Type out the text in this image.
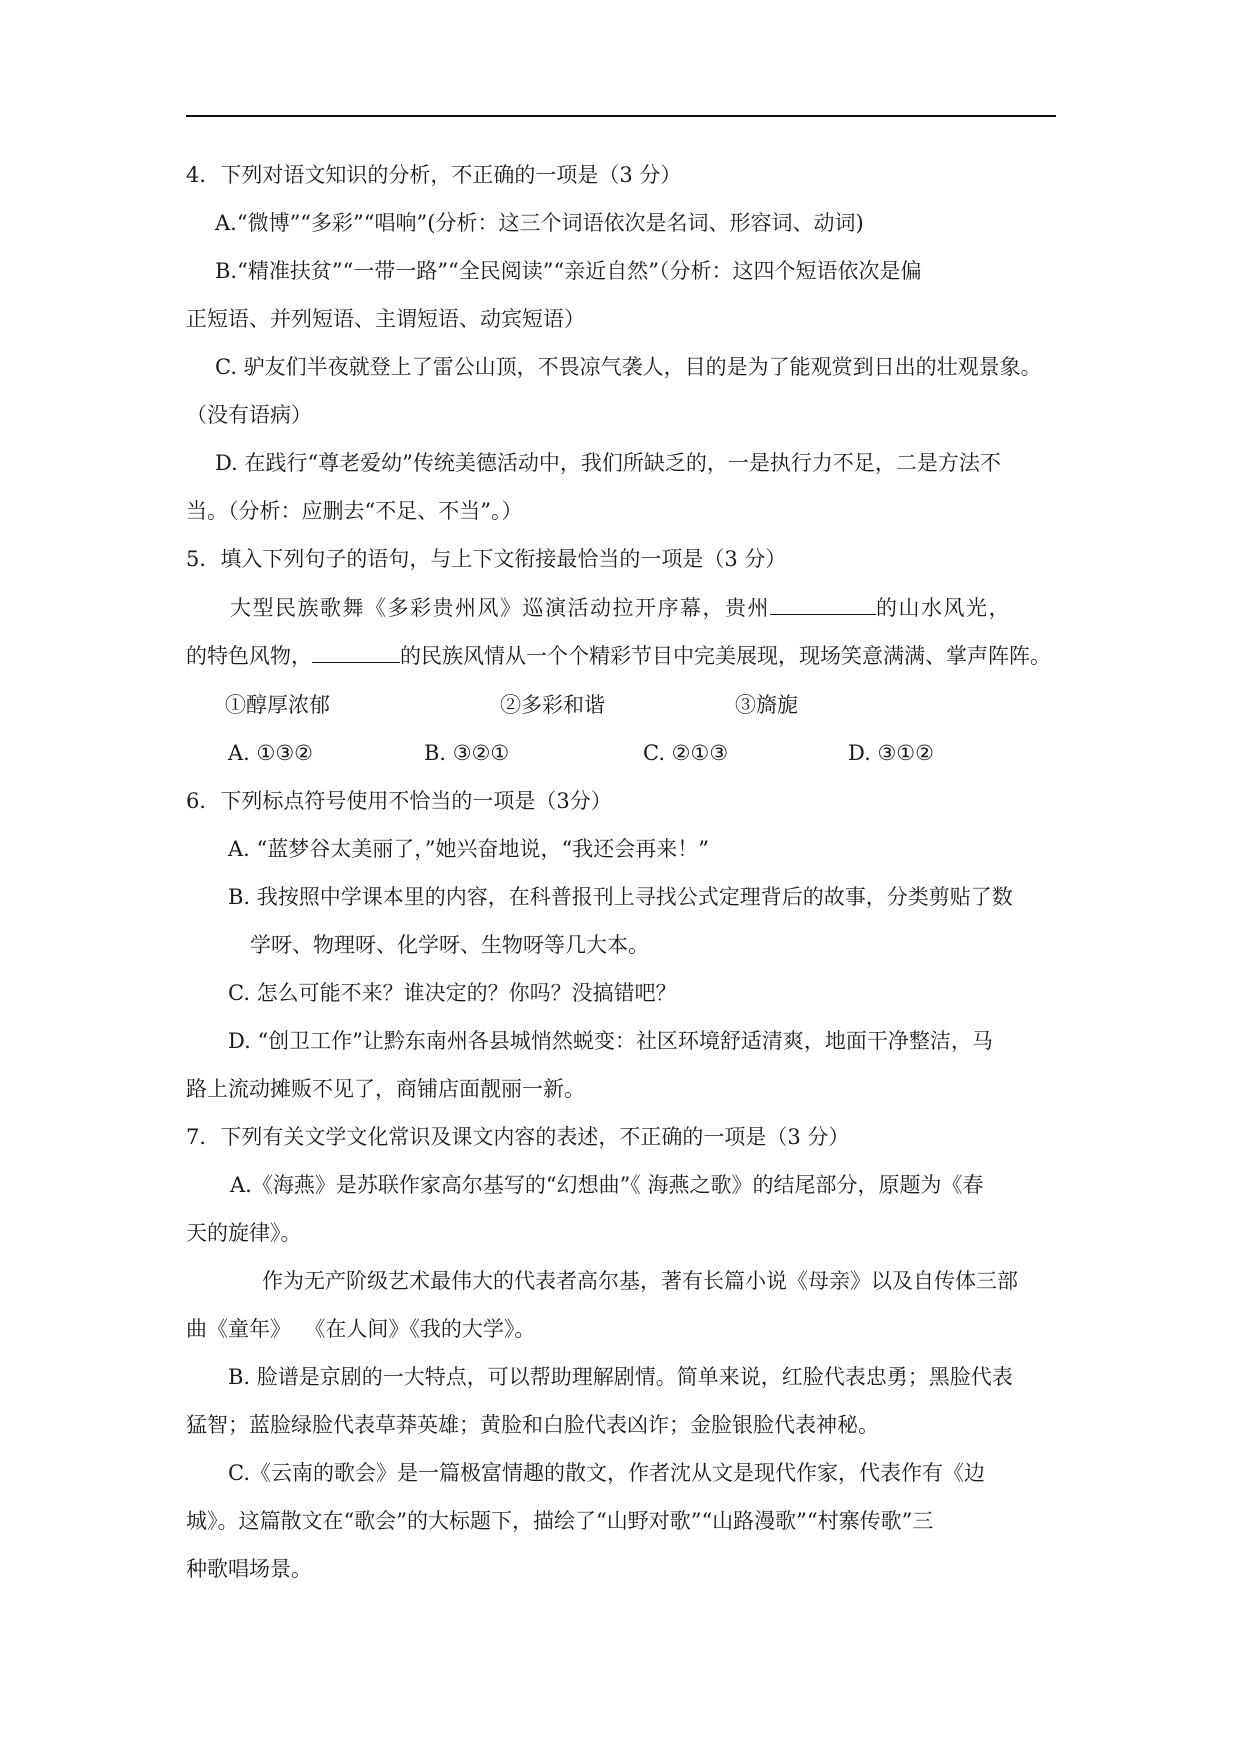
4．下列对语文知识的分析，不正确的一项是（3 分）
A.“微博”“多彩”“唱响”(分析：这三个词语依次是名词、形容词、动词)
B.“精准扶贫”“一带一路”“全民阅读”“亲近自然”（分析：这四个短语依次是偏
正短语、并列短语、主谓短语、动宾短语）
C. 驴友们半夜就登上了雷公山顶，不畏凉气袭人，目的是为了能观赏到日出的壮观景象。
（没有语病）
D. 在践行“尊老爱幼”传统美德活动中，我们所缺乏的，一是执行力不足，二是方法不
当。（分析：应删去“不足、不当”。）
5．填入下列句子的语句，与上下文衔接最恰当的一项是（3 分）
大型民族歌舞《多彩贵州风》巡演活动拉开序幕，贵州	的山水风光，
的特色风物，	的民族风情从一个个精彩节目中完美展现，现场笑意满满、掌声阵阵。
①醇厚浓郁	②多彩和谐	③旖旎
A. ①③②	B. ③②①	C. ②①③	D. ③①②
6．下列标点符号使用不恰当的一项是（3分）
A. “蓝梦谷太美丽了，”她兴奋地说，“我还会再来！”
B. 我按照中学课本里的内容，在科普报刊上寻找公式定理背后的故事，分类剪贴了数
学呀、物理呀、化学呀、生物呀等几大本。
C. 怎么可能不来？谁决定的？你吗？没搞错吧？
D. “创卫工作”让黔东南州各县城悄然蜕变：社区环境舒适清爽，地面干净整洁，马
路上流动摊贩不见了，商铺店面靓丽一新。
7．下列有关文学文化常识及课文内容的表述，不正确的一项是（3 分）
A.《海燕》是苏联作家高尔基写的“幻想曲”《 海燕之歌》的结尾部分，原题为《春
天的旋律》。
作为无产阶级艺术最伟大的代表者高尔基，著有长篇小说《母亲》以及自传体三部
曲《童年》  《在人间》《我的大学》。
B. 脸谱是京剧的一大特点，可以帮助理解剧情。简单来说，红脸代表忠勇；黑脸代表
猛智；蓝脸绿脸代表草莽英雄；黄脸和白脸代表凶诈；金脸银脸代表神秘。
C.《云南的歌会》是一篇极富情趣的散文，作者沈从文是现代作家，代表作有《边
城》。这篇散文在“歌会”的大标题下，描绘了“山野对歌”“山路漫歌”“村寨传歌”三
种歌唱场景。
